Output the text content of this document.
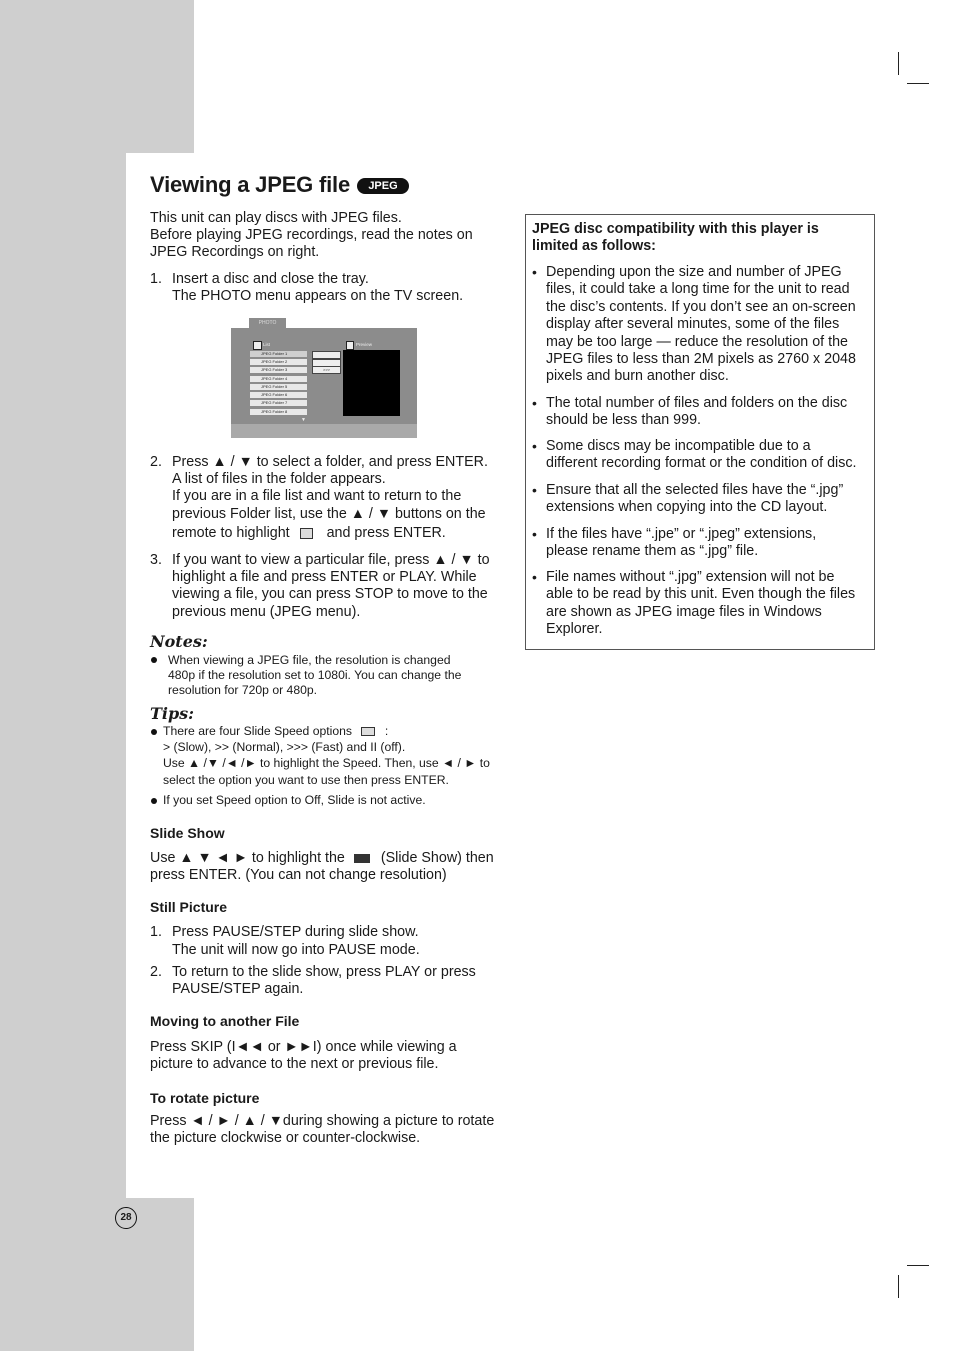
Viewing a JPEG file	JPEG
This unit can play discs with JPEG files.
Before playing JPEG recordings, read the notes on
JPEG Recordings on right.
1. Insert a disc and close the tray.
The PHOTO menu appears on the TV screen.
PHOTO
List	Preview
JPEG Folder 1
JPEG Folder 2
JPEG Folder 3
JPEG Folder 4
JPEG Folder 5
JPEG Folder 6
JPEG Folder 7
JPEG Folder 8
▼
>>>
2. Press ▲ / ▼ to select a folder, and press ENTER.
A list of files in the folder appears.
If you are in a file list and want to return to the
previous Folder list, use the ▲ / ▼ buttons on the
remote to highlight	and press ENTER.
3. If you want to view a particular file, press ▲ / ▼ to
highlight a file and press ENTER or PLAY. While
viewing a file, you can press STOP to move to the
previous menu (JPEG menu).
Notes:
When viewing a JPEG file, the resolution is changed
480p if the resolution set to 1080i. You can change the
resolution for 720p or 480p.
Tips:
There are four Slide Speed options	:
> (Slow), >> (Normal), >>> (Fast) and II (off).
Use ▲ /▼ /◄ /► to highlight the Speed. Then, use ◄ / ► to
select the option you want to use then press ENTER.
If you set Speed option to Off, Slide is not active.
Slide Show
Use ▲ ▼ ◄ ► to highlight the	(Slide Show) then
press ENTER. (You can not change resolution)
Still Picture
1. Press PAUSE/STEP during slide show.
The unit will now go into PAUSE mode.
2. To return to the slide show, press PLAY or press
PAUSE/STEP again.
Moving to another File
Press SKIP (I◄◄ or ►►I) once while viewing a
picture to advance to the next or previous file.
To rotate picture
Press ◄ / ► / ▲ / ▼during showing a picture to rotate
the picture clockwise or counter-clockwise.
JPEG disc compatibility with this player is
limited as follows:
• Depending upon the size and number of JPEG
files, it could take a long time for the unit to read
the disc’s contents. If you don’t see an on-screen
display after several minutes, some of the files
may be too large — reduce the resolution of the
JPEG files to less than 2M pixels as 2760 x 2048
pixels and burn another disc.
• The total number of files and folders on the disc
should be less than 999.
• Some discs may be incompatible due to a
different recording format or the condition of disc.
• Ensure that all the selected files have the “.jpg”
extensions when copying into the CD layout.
• If the files have “.jpe” or “.jpeg” extensions,
please rename them as “.jpg” file.
• File names without “.jpg” extension will not be
able to be read by this unit. Even though the files
are shown as JPEG image files in Windows
Explorer.
28
